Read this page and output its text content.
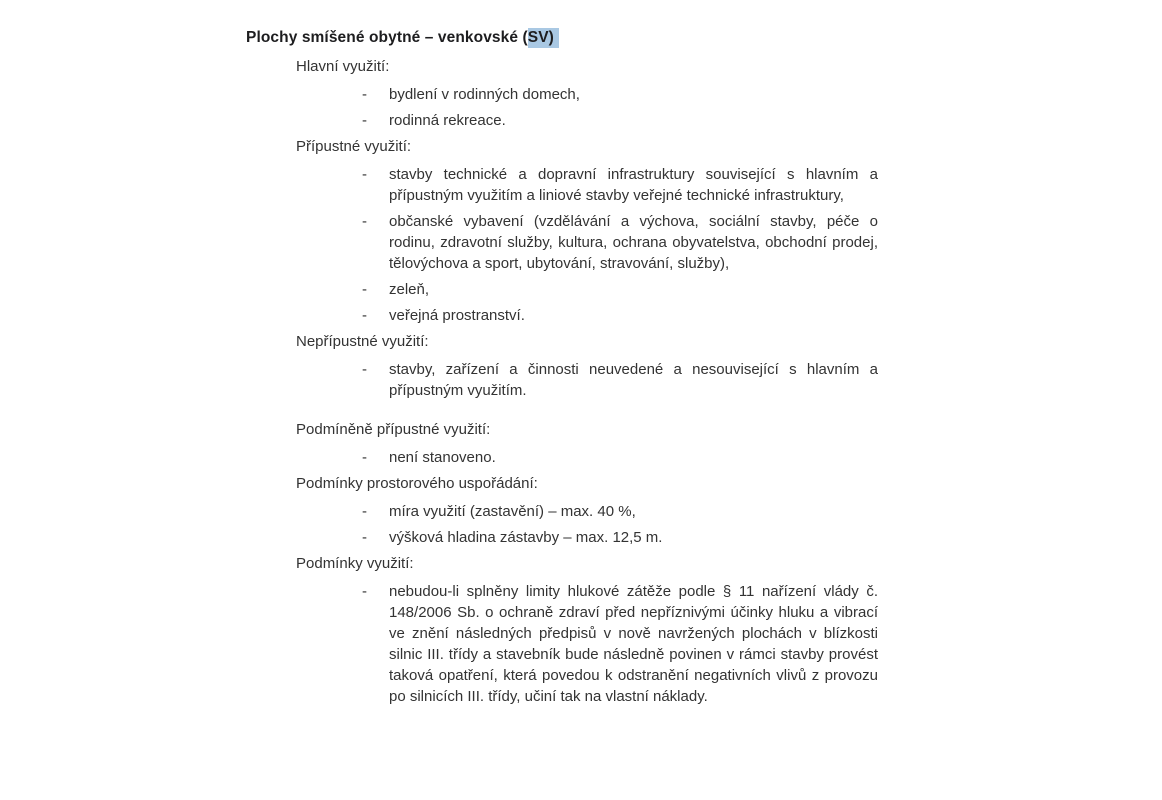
Plochy smíšené obytné – venkovské (SV)
Hlavní využití:
-	bydlení v rodinných domech,
-	rodinná rekreace.
Přípustné využití:
-	stavby technické a dopravní infrastruktury související s hlavním a přípustným využitím a liniové stavby veřejné technické infrastruktury,
-	občanské vybavení (vzdělávání a výchova, sociální stavby, péče o rodinu, zdravotní služby, kultura, ochrana obyvatelstva, obchodní prodej, tělovýchova a sport, ubytování, stravování, služby),
-	zeleň,
-	veřejná prostranství.
Nepřípustné využití:
-	stavby, zařízení a činnosti neuvedené a nesouvisející s hlavním a přípustným využitím.
Podmíněně přípustné využití:
-	není stanoveno.
Podmínky prostorového uspořádání:
-	míra využití (zastavění) – max. 40 %,
-	výšková hladina zástavby – max. 12,5 m.
Podmínky využití:
-	nebudou-li splněny limity hlukové zátěže podle § 11 nařízení vlády č. 148/2006 Sb. o ochraně zdraví před nepříznivými účinky hluku a vibrací ve znění následných předpisů v nově navržených plochách v blízkosti silnic III. třídy a stavebník bude následně povinen v rámci stavby provést taková opatření, která povedou k odstranění negativních vlivů z provozu po silnicích III. třídy, učiní tak na vlastní náklady.
